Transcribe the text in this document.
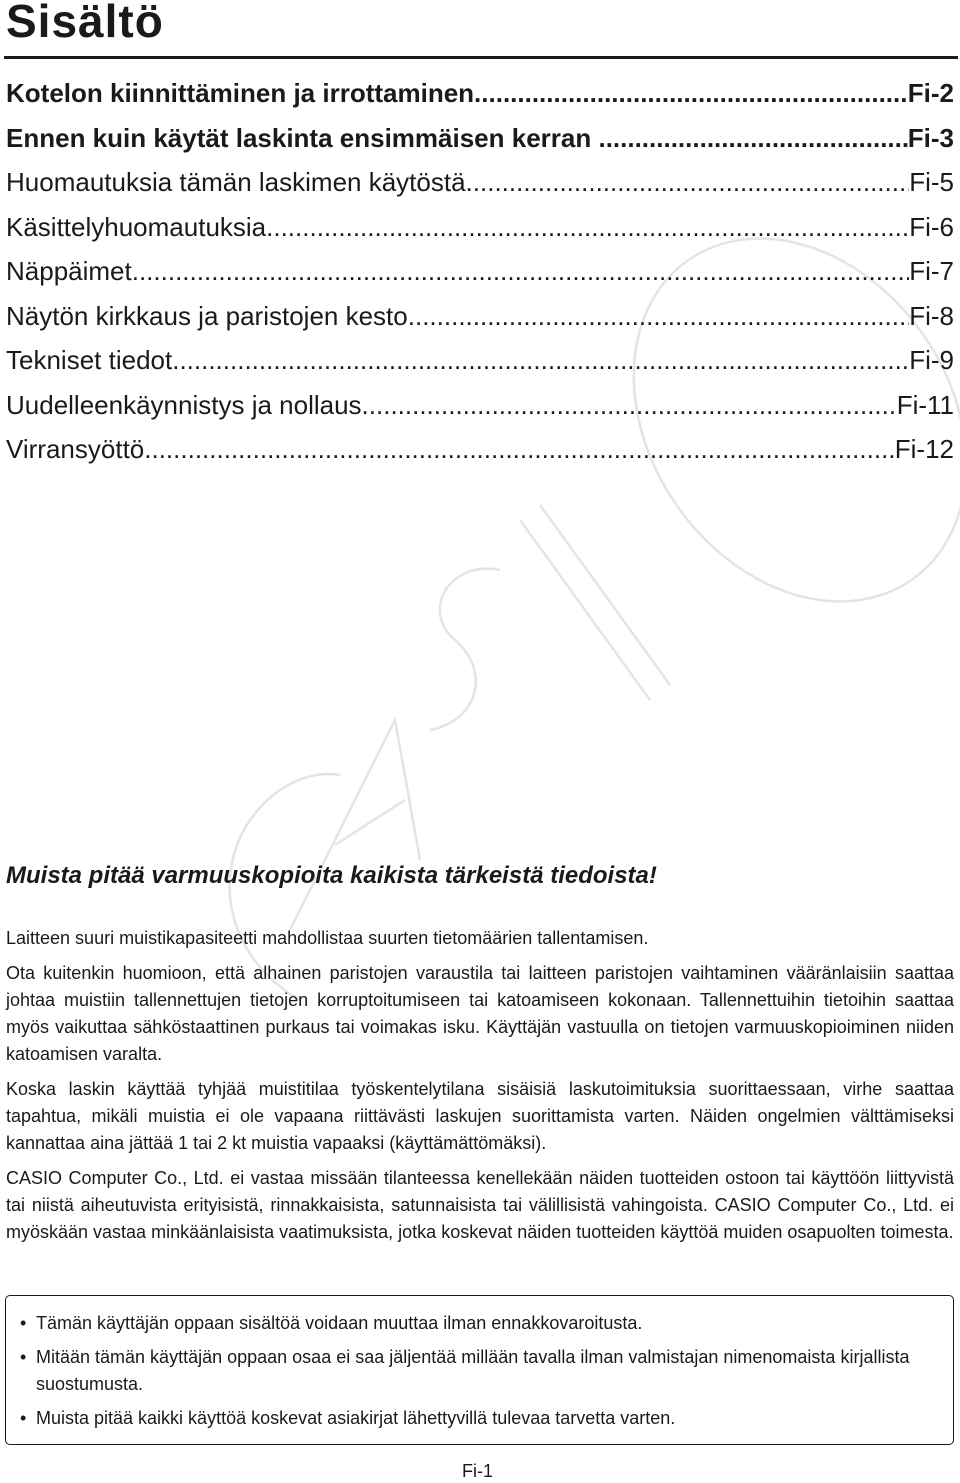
Sisältö
Kotelon kiinnittäminen ja irrottaminen .....	Fi-2
Ennen kuin käytät laskinta ensimmäisen kerran ... .....	Fi-3
Huomautuksia tämän laskimen käytöstä .....	Fi-5
Käsittelyhuomautuksia .....	Fi-6
Näppäimet .....	Fi-7
Näytön kirkkaus ja paristojen kesto .....	Fi-8
Tekniset tiedot .....	Fi-9
Uudelleenkäynnistys ja nollaus .....	Fi-11
Virransyöttö .....	Fi-12

Muista pitää varmuuskopioita kaikista tärkeistä tiedoista!

Laitteen suuri muistikapasiteetti mahdollistaa suurten tietomäärien tallentamisen.

Ota kuitenkin huomioon, että alhainen paristojen varaustila tai laitteen paristojen vaihtaminen vääränlaisiin saattaa johtaa muistiin tallennettujen tietojen korruptoitumiseen tai katoamiseen kokonaan. Tallennettuihin tietoihin saattaa myös vaikuttaa sähköstaattinen purkaus tai voimakas isku. Käyttäjän vastuulla on tietojen varmuuskopioiminen niiden katoamisen varalta.

Koska laskin käyttää tyhjää muistitilaa työskentelytilana sisäisiä laskutoimituksia suorittaessaan, virhe saattaa tapahtua, mikäli muistia ei ole vapaana riittävästi laskujen suorittamista varten. Näiden ongelmien välttämiseksi kannattaa aina jättää 1 tai 2 kt muistia vapaaksi (käyttämättömäksi).

CASIO Computer Co., Ltd. ei vastaa missään tilanteessa kenellekään näiden tuotteiden ostoon tai käyttöön liittyvistä tai niistä aiheutuvista erityisistä, rinnakkaisista, satunnaisista tai välillisistä vahingoista. CASIO Computer Co., Ltd. ei myöskään vastaa minkäänlaisista vaatimuksista, jotka koskevat näiden tuotteiden käyttöä muiden osapuolten toimesta.

• Tämän käyttäjän oppaan sisältöä voidaan muuttaa ilman ennakkovaroitusta.
• Mitään tämän käyttäjän oppaan osaa ei saa jäljentää millään tavalla ilman valmistajan nimenomaista kirjallista suostumusta.
• Muista pitää kaikki käyttöä koskevat asiakirjat lähettyvillä tulevaa tarvetta varten.
Fi-1
